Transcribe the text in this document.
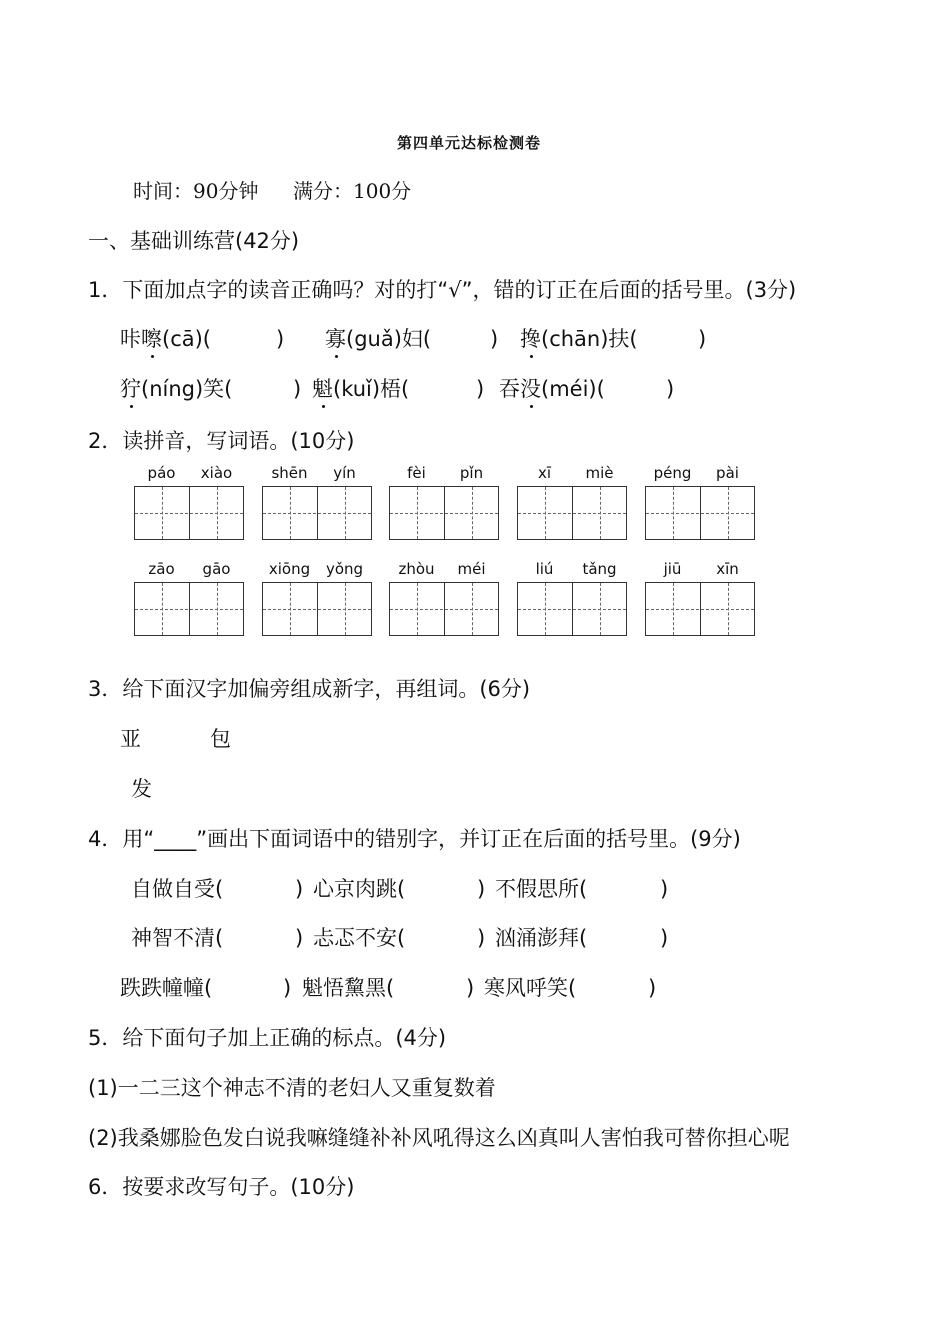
第四单元达标检测卷
时间：90分钟 满分：100分
一、基础训练营(42分)
1．下面加点字的读音正确吗？对的打“√”，错的订正在后面的括号里。(3分)
咔嚓(cā)(	) 寡(guǎ)妇(	) 搀(chān)扶(	)
狞(níng)笑(	) 魁(kuǐ)梧(	) 吞没(méi)(	)
2．读拼音，写词语。(10分)
páo	xiào	shēn	yín	fèi	pǐn	xī	miè	péng	pài
zāo	gāo	xiōng	yǒng	zhòu	méi	liú	tǎng	jiū	xīn
3．给下面汉字加偏旁组成新字，再组词。(6分)
亚	包
发
4．用“____”画出下面词语中的错别字，并订正在后面的括号里。(9分)
自做自受(	) 心京肉跳(	) 不假思所(	)
神智不清(	) 忐忑不安(	) 汹涌澎拜(	)
跌跌幢幢(	) 魁悟黧黑(	) 寒风呼笑(	)
5．给下面句子加上正确的标点。(4分)
(1)一二三这个神志不清的老妇人又重复数着
(2)我桑娜脸色发白说我嘛缝缝补补风吼得这么凶真叫人害怕我可替你担心呢
6．按要求改写句子。(10分)
